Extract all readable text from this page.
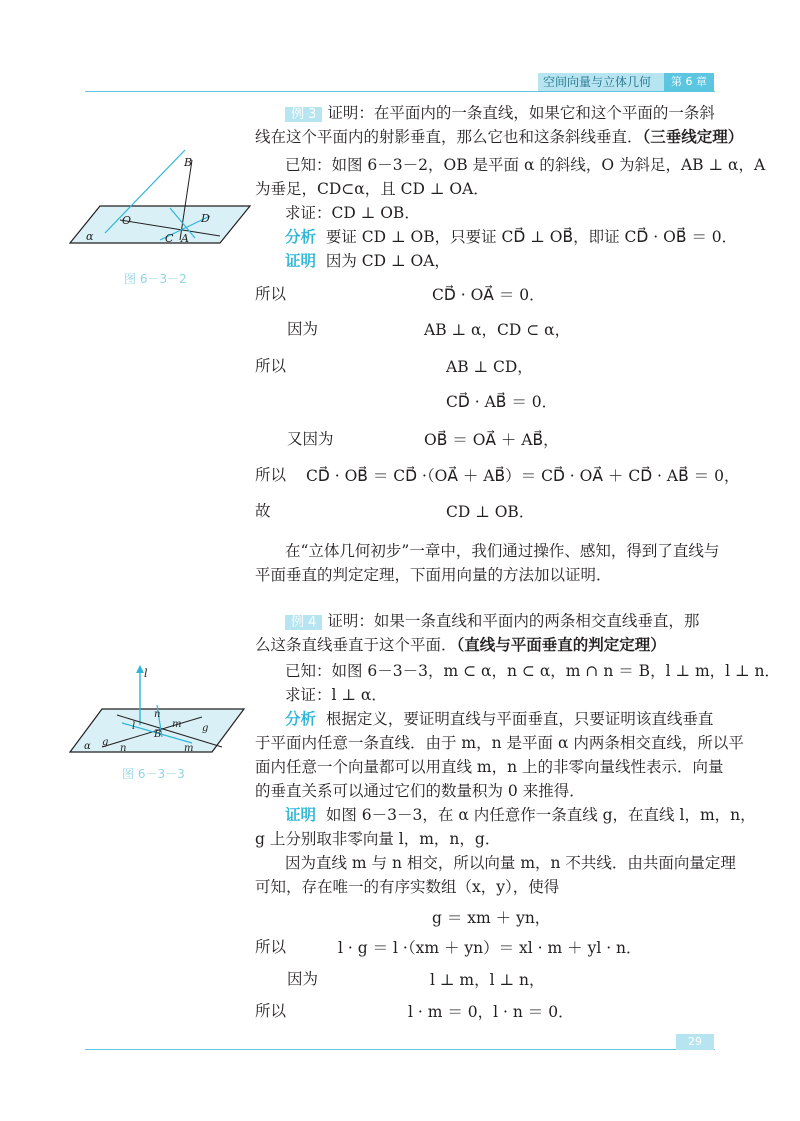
空间向量与立体几何	第 6 章
B
O	D
α	C A
图 6－3－2
例 3 证明：在平面内的一条直线，如果它和这个平面的一条斜
线在这个平面内的射影垂直，那么它也和这条斜线垂直．（三垂线定理）
已知：如图 6－3－2，OB 是平面 α 的斜线，O 为斜足，AB ⊥ α，A
为垂足，CD⊂α，且 CD ⊥ OA．
求证：CD ⊥ OB．
分析 要证 CD ⊥ OB，只要证 CD⃗ ⊥ OB⃗，即证 CD⃗ · OB⃗ ＝ 0．
证明 因为 CD ⊥ OA，
所以	CD⃗ · OA⃗ ＝ 0．
因为	AB ⊥ α，CD ⊂ α，
所以	AB ⊥ CD，
CD⃗ · AB⃗ ＝ 0．
又因为	OB⃗ ＝ OA⃗ ＋ AB⃗，
所以 CD⃗ · OB⃗ ＝ CD⃗ ·（OA⃗ ＋ AB⃗）＝ CD⃗ · OA⃗ ＋ CD⃗ · AB⃗ ＝ 0，
故	CD ⊥ OB．
在“立体几何初步”一章中，我们通过操作、感知，得到了直线与
平面垂直的判定定理，下面用向量的方法加以证明．
l
n
l	m g
B
α g
n	m
图 6－3－3
例 4 证明：如果一条直线和平面内的两条相交直线垂直，那
么这条直线垂直于这个平面．（直线与平面垂直的判定定理）
已知：如图 6－3－3，m ⊂ α，n ⊂ α，m ∩ n ＝ B，l ⊥ m，l ⊥ n．
求证：l ⊥ α．
分析 根据定义，要证明直线与平面垂直，只要证明该直线垂直
于平面内任意一条直线．由于 m，n 是平面 α 内两条相交直线，所以平
面内任意一个向量都可以用直线 m，n 上的非零向量线性表示．向量
的垂直关系可以通过它们的数量积为 0 来推得．
证明 如图 6－3－3，在 α 内任意作一条直线 g，在直线 l，m，n，
g 上分别取非零向量 l，m，n，g．
因为直线 m 与 n 相交，所以向量 m，n 不共线．由共面向量定理
可知，存在唯一的有序实数组（x，y），使得
g ＝ xm ＋ yn，
所以	l · g ＝ l ·（xm ＋ yn）＝ xl · m ＋ yl · n．
因为	l ⊥ m，l ⊥ n，
所以	l · m ＝ 0，l · n ＝ 0．
29
